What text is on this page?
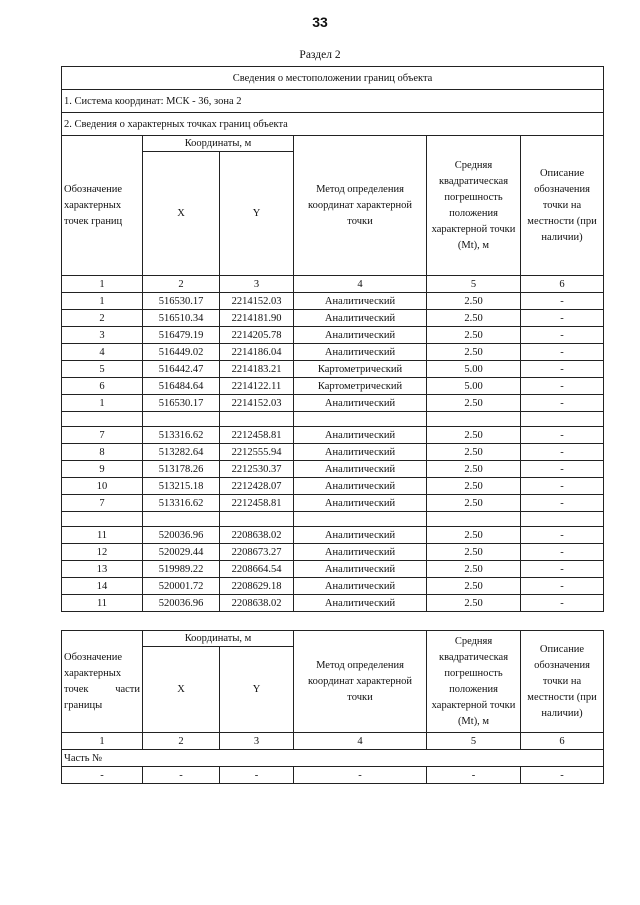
33
Раздел 2
Сведения о местоположении границ объекта					
1. Система координат: МСК - 36, зона 2					
2. Сведения о характерных точках границ объекта					
Обозначение характерных точек границ	Координаты, м		Метод определения координат характерной точки	Средняя квадратическая погрешность положения характерной точки (Mt), м	Описание обозначения точки на местности (при наличии)
	X	Y			
1	2	3	4	5	6
1	516530.17	2214152.03	Аналитический	2.50	-
2	516510.34	2214181.90	Аналитический	2.50	-
3	516479.19	2214205.78	Аналитический	2.50	-
4	516449.02	2214186.04	Аналитический	2.50	-
5	516442.47	2214183.21	Картометрический	5.00	-
6	516484.64	2214122.11	Картометрический	5.00	-
1	516530.17	2214152.03	Аналитический	2.50	-

7	513316.62	2212458.81	Аналитический	2.50	-
8	513282.64	2212555.94	Аналитический	2.50	-
9	513178.26	2212530.37	Аналитический	2.50	-
10	513215.18	2212428.07	Аналитический	2.50	-
7	513316.62	2212458.81	Аналитический	2.50	-

11	520036.96	2208638.02	Аналитический	2.50	-
12	520029.44	2208673.27	Аналитический	2.50	-
13	519989.22	2208664.54	Аналитический	2.50	-
14	520001.72	2208629.18	Аналитический	2.50	-
11	520036.96	2208638.02	Аналитический	2.50	-
Обозначение характерных точек части границы	Координаты, м		Метод определения координат характерной точки	Средняя квадратическая погрешность положения характерной точки (Mt), м	Описание обозначения точки на местности (при наличии)
	X	Y			
1	2	3	4	5	6
Часть №					
-	-	-	-	-	-
